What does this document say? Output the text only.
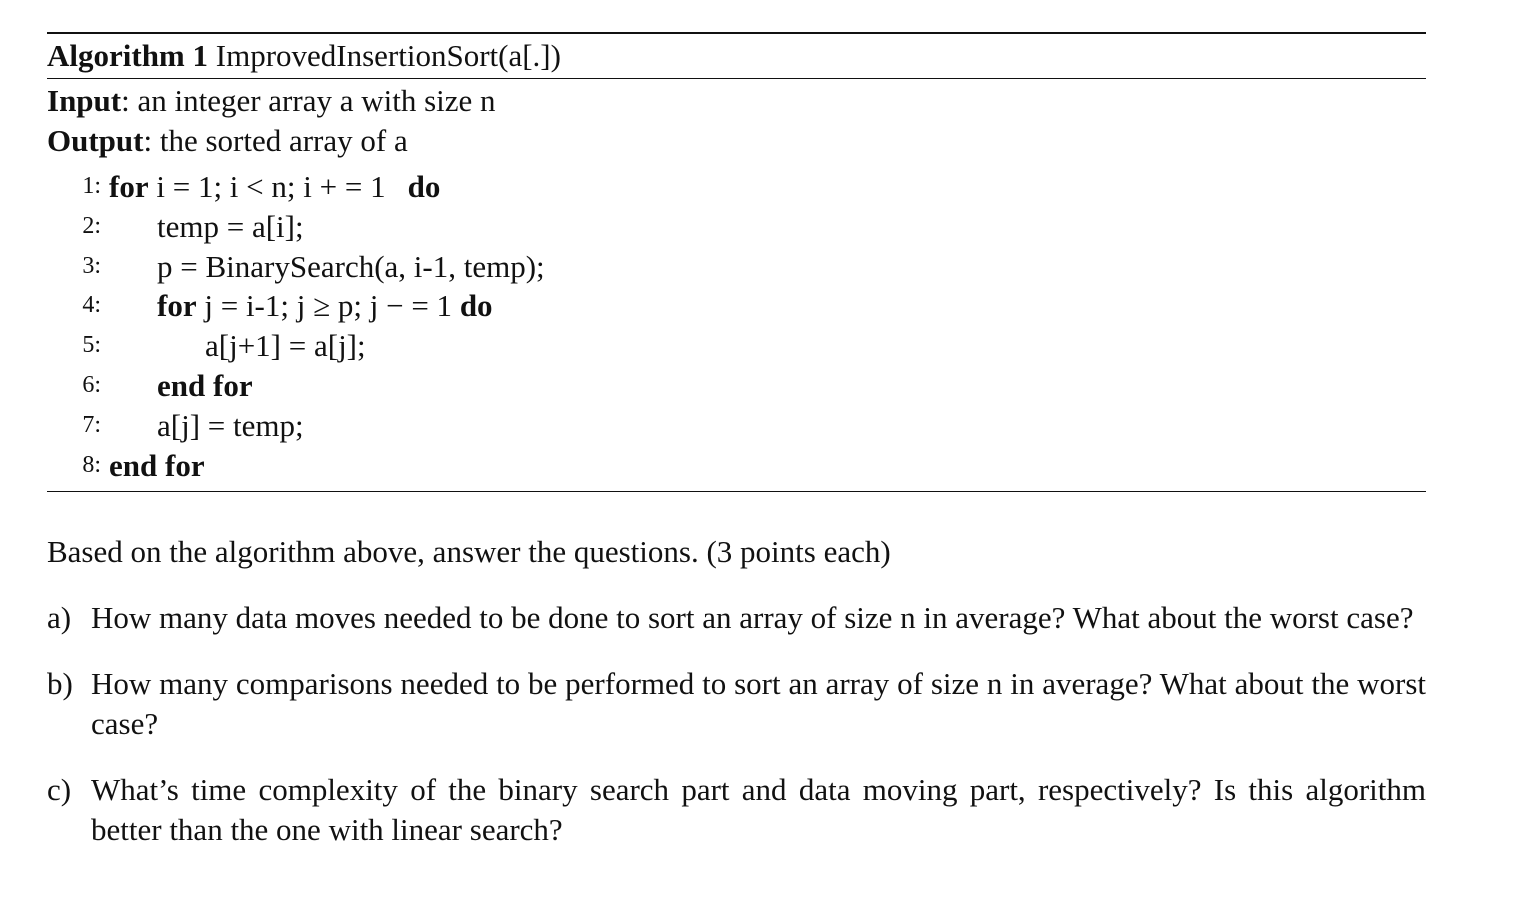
Algorithm 1 ImprovedInsertionSort(a[.])
Input: an integer array a with size n
Output: the sorted array of a
1: for i = 1; i < n; i + = 1 do
2: temp = a[i];
3: p = BinarySearch(a, i-1, temp);
4: for j = i-1; j ≥ p; j − = 1 do
5:	a[j+1] = a[j];
6: end for
7: a[j] = temp;
8: end for
Based on the algorithm above, answer the questions. (3 points each)
a) How many data moves needed to be done to sort an array of size n in average? What about the worst case?
b) How many comparisons needed to be performed to sort an array of size n in average? What about the worst case?
c) What’s time complexity of the binary search part and data moving part, respectively? Is this algorithm better than the one with linear search?
